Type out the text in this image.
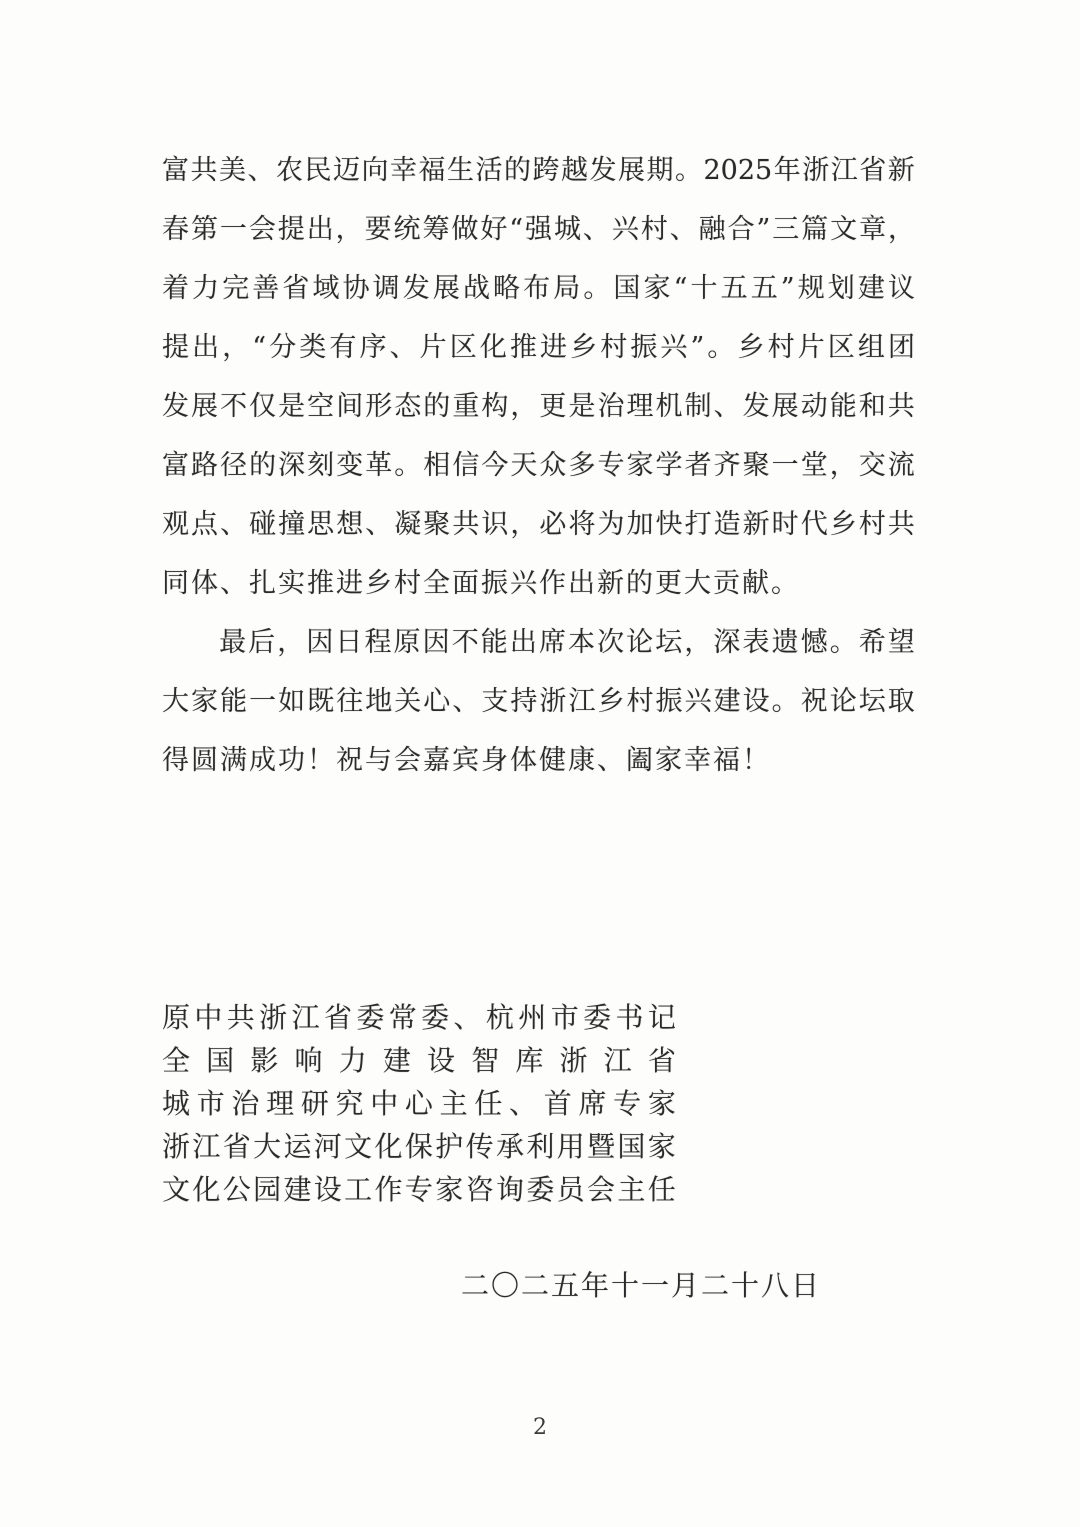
富 共 美 、 农 民 迈 向 幸 福 生 活 的 跨 越 发 展 期 。 2025 年 浙 江 省 新
春 第 一 会 提 出 ， 要 统 筹 做 好 “ 强 城 、 兴 村 、 融 合 ” 三 篇 文 章 ，
着 力 完 善 省 域 协 调 发 展 战 略 布 局 。 国 家 “ 十 五 五 ” 规 划 建 议
提 出 ， “ 分 类 有 序 、 片 区 化 推 进 乡 村 振 兴 ” 。 乡 村 片 区 组 团
发 展 不 仅 是 空 间 形 态 的 重 构 ， 更 是 治 理 机 制 、 发 展 动 能 和 共
富 路 径 的 深 刻 变 革 。 相 信 今 天 众 多 专 家 学 者 齐 聚 一 堂 ， 交 流
观 点 、 碰 撞 思 想 、 凝 聚 共 识 ， 必 将 为 加 快 打 造 新 时 代 乡 村 共
同体、扎实推进乡村全面振兴作出新的更大贡献。
最 后 ， 因 日 程 原 因 不 能 出 席 本 次 论 坛 ， 深 表 遗 憾 。 希 望
大 家 能 一 如 既 往 地 关 心 、 支 持 浙 江 乡 村 振 兴 建 设 。 祝 论 坛 取
得圆满成功！祝与会嘉宾身体健康、阖家幸福！
原 中 共 浙 江 省 委 常 委 、 杭 州 市 委 书 记
全 国 影 响 力 建 设 智 库 浙 江 省
城 市 治 理 研 究 中 心 主 任 、 首 席 专 家
浙 江 省 大 运 河 文 化 保 护 传 承 利 用 暨 国 家
文 化 公 园 建 设 工 作 专 家 咨 询 委 员 会 主 任
二〇二五年十一月二十八日
2
